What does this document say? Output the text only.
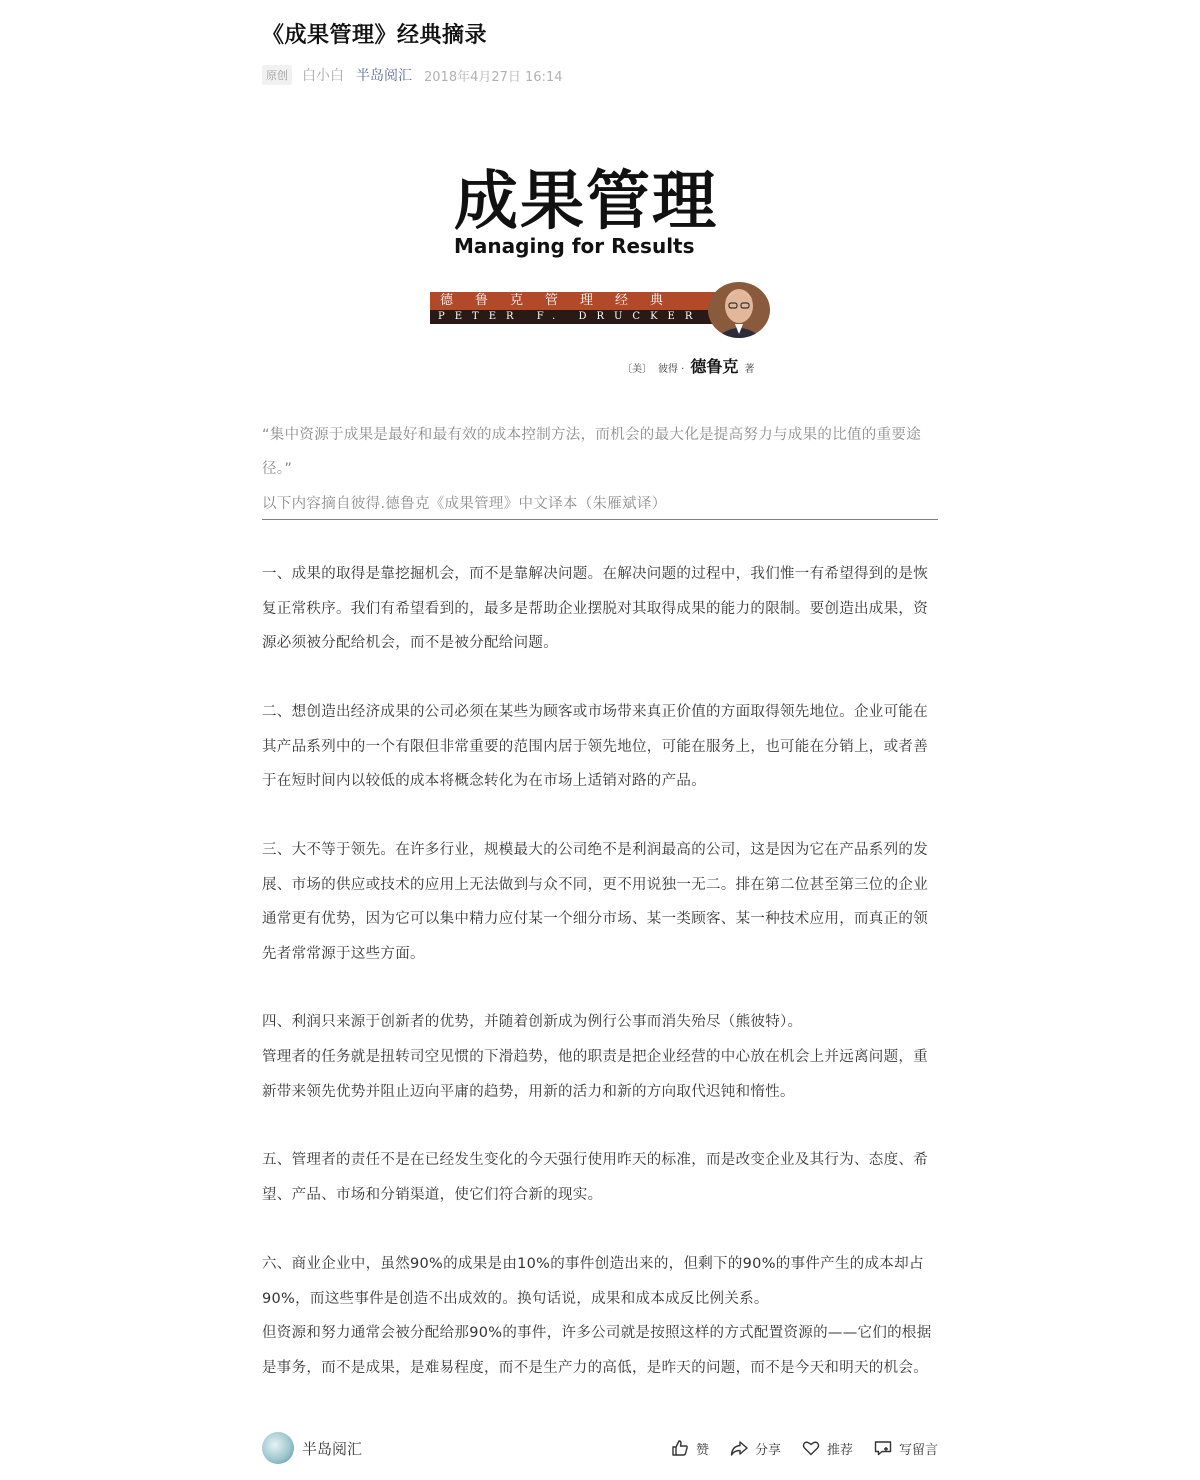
《成果管理》经典摘录
原创 白小白 半岛阅汇 2018年4月27日 16:14
成果管理
Managing for Results
德鲁克管理经典
PETER F. DRUCKER
〔美〕 彼得 · 德鲁克 著

“集中资源于成果是最好和最有效的成本控制方法，而机会的最大化是提高努力与成果的比值的重要途径。”

以下内容摘自彼得.德鲁克《成果管理》中文译本（朱雁斌译）

一、成果的取得是靠挖掘机会，而不是靠解决问题。在解决问题的过程中，我们惟一有希望得到的是恢复正常秩序。我们有希望看到的，最多是帮助企业摆脱对其取得成果的能力的限制。要创造出成果，资源必须被分配给机会，而不是被分配给问题。

二、想创造出经济成果的公司必须在某些为顾客或市场带来真正价值的方面取得领先地位。企业可能在其产品系列中的一个有限但非常重要的范围内居于领先地位，可能在服务上，也可能在分销上，或者善于在短时间内以较低的成本将概念转化为在市场上适销对路的产品。

三、大不等于领先。在许多行业，规模最大的公司绝不是利润最高的公司，这是因为它在产品系列的发展、市场的供应或技术的应用上无法做到与众不同，更不用说独一无二。排在第二位甚至第三位的企业通常更有优势，因为它可以集中精力应付某一个细分市场、某一类顾客、某一种技术应用，而真正的领先者常常源于这些方面。

四、利润只来源于创新者的优势，并随着创新成为例行公事而消失殆尽（熊彼特）。

管理者的任务就是扭转司空见惯的下滑趋势，他的职责是把企业经营的中心放在机会上并远离问题，重新带来领先优势并阻止迈向平庸的趋势，用新的活力和新的方向取代迟钝和惰性。

五、管理者的责任不是在已经发生变化的今天强行使用昨天的标准，而是改变企业及其行为、态度、希望、产品、市场和分销渠道，使它们符合新的现实。

六、商业企业中，虽然90%的成果是由10%的事件创造出来的，但剩下的90%的事件产生的成本却占90%，而这些事件是创造不出成效的。换句话说，成果和成本成反比例关系。

但资源和努力通常会被分配给那90%的事件，许多公司就是按照这样的方式配置资源的——它们的根据是事务，而不是成果，是难易程度，而不是生产力的高低，是昨天的问题，而不是今天和明天的机会。

半岛阅汇	赞	分享	推荐	写留言
